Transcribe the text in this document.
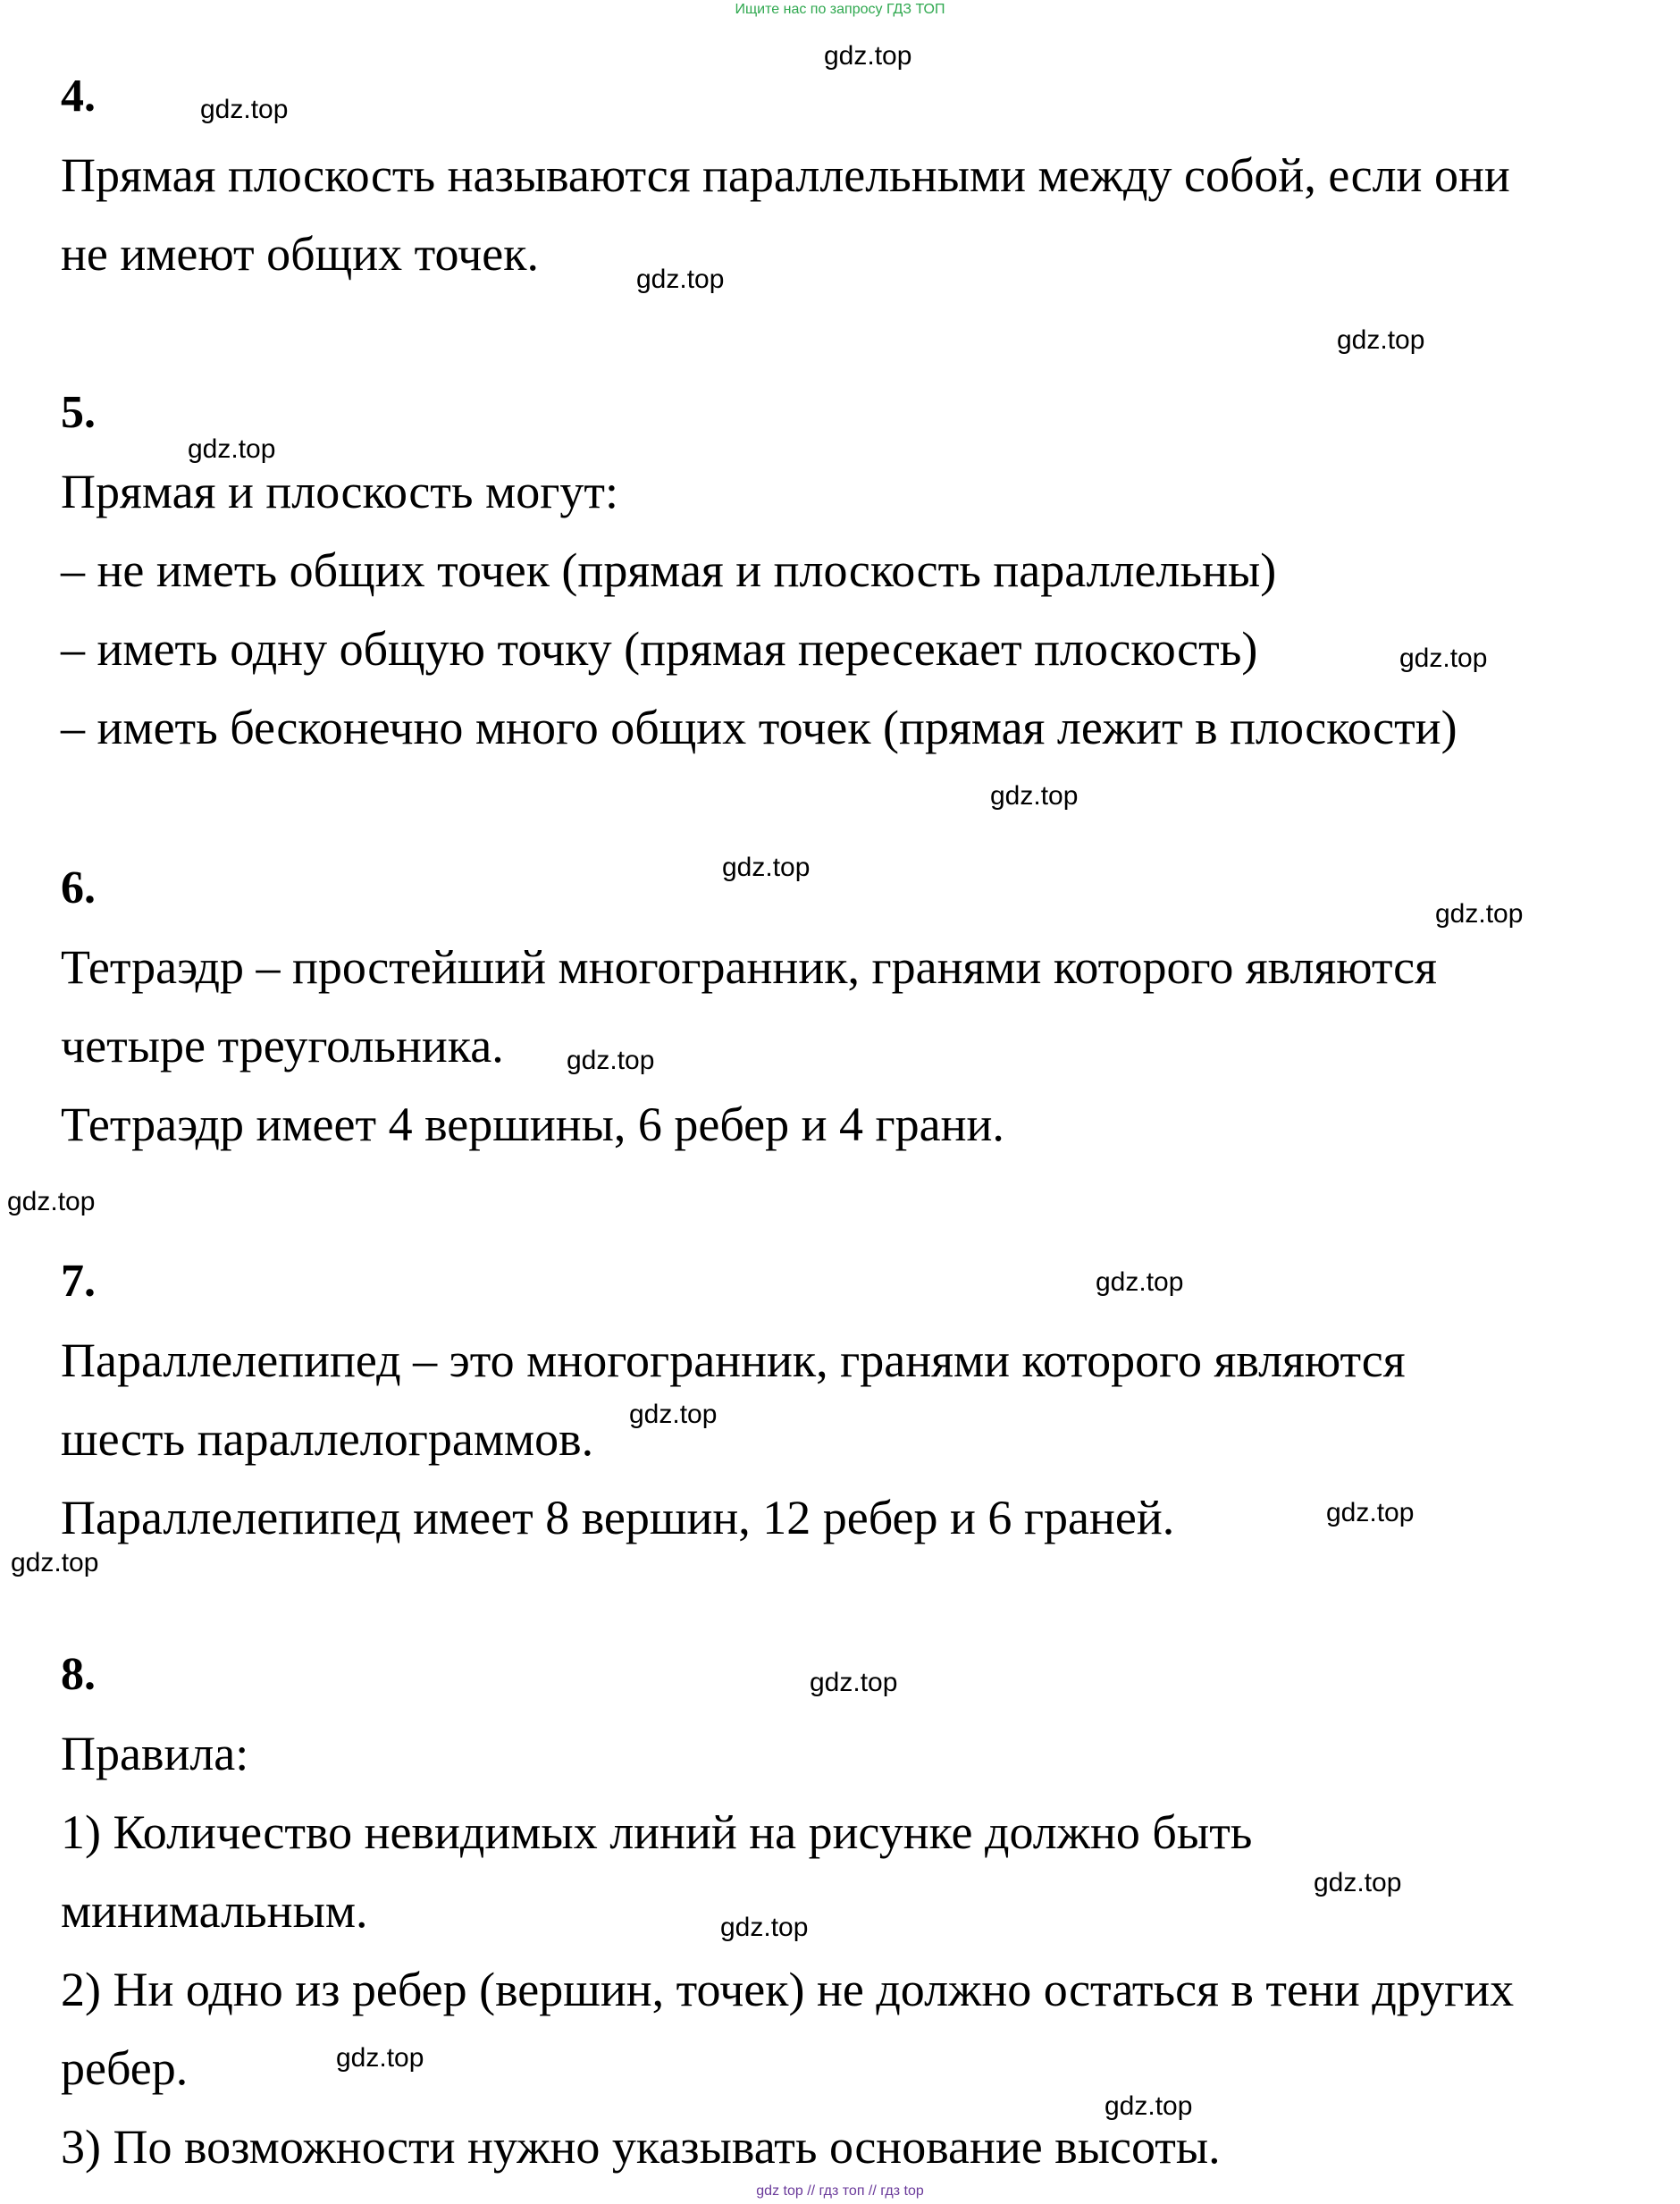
Ищите нас по запросу ГДЗ ТОП
4.
Прямая плоскость называются параллельными между собой, если они
не имеют общих точек.
5.
Прямая и плоскость могут:
– не иметь общих точек (прямая и плоскость параллельны)
– иметь одну общую точку (прямая пересекает плоскость)
– иметь бесконечно много общих точек (прямая лежит в плоскости)
6.
Тетраэдр – простейший многогранник, гранями которого являются
четыре треугольника.
Тетраэдр имеет 4 вершины, 6 ребер и 4 грани.
7.
Параллелепипед – это многогранник, гранями которого являются
шесть параллелограммов.
Параллелепипед имеет 8 вершин, 12 ребер и 6 граней.
8.
Правила:
1) Количество невидимых линий на рисунке должно быть
минимальным.
2) Ни одно из ребер (вершин, точек) не должно остаться в тени других
ребер.
3) По возможности нужно указывать основание высоты.
gdz.top
gdz.top
gdz.top
gdz.top
gdz.top
gdz.top
gdz.top
gdz.top
gdz.top
gdz.top
gdz.top
gdz.top
gdz.top
gdz.top
gdz.top
gdz.top
gdz.top
gdz.top
gdz.top
gdz.top
gdz top // гдз топ // гдз top
